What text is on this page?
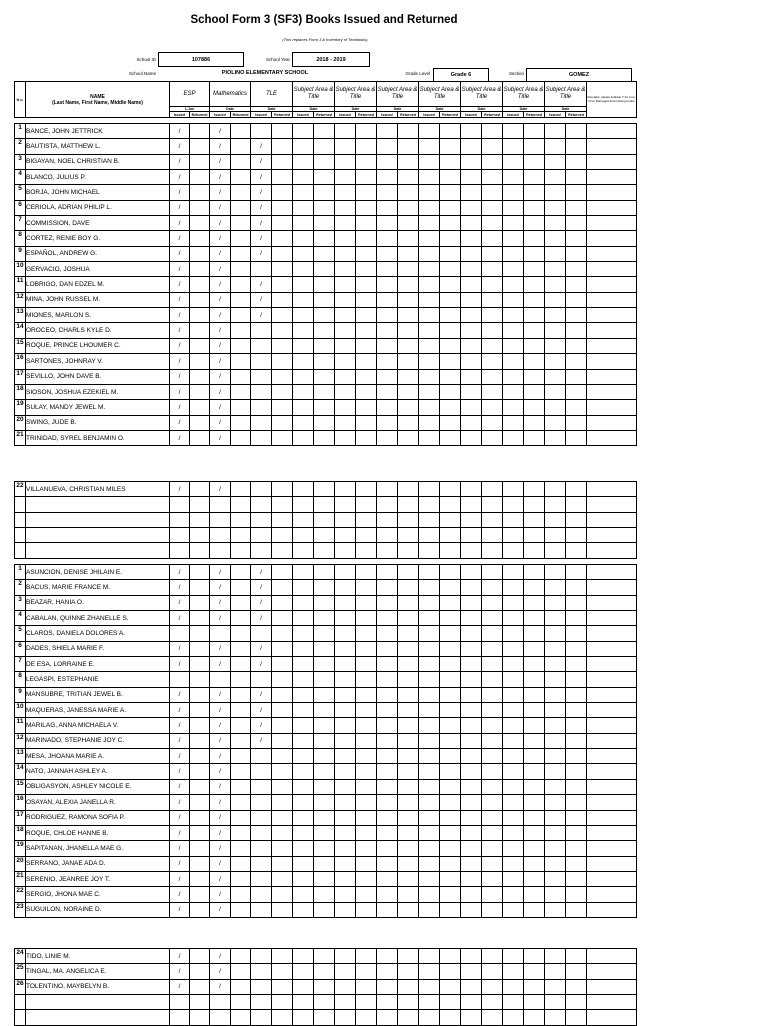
School Form 3 (SF3) Books Issued and Returned
(This replaces Form 3 & Inventory of Textbooks)
School ID	107886	School Year	2018 - 2019
School Name	PIOLINO ELEMENTARY SCHOOL	Grade Level	Grade 6	Section	GOMEZ
N o.	NAME
(Last Name, First Name, Middle Name)	ESP		Mathematics		TLE		Subject Area & Title		Subject Area & Title		Subject Area & Title		Subject Area & Title		Subject Area & Title		Subject Area & Title		Subject Area & Title		Remarks: please indicate T for Lost, D for Damaged and missing books
		1-Jun		Date		Date		Date		Date		Date		Date		Date		Date		Date		
		Issued	Returned	Issued	Returned	Issued	Returned	Issued	Returned	Issued	Returned	Issued	Returned	Issued	Returned	Issued	Returned	Issued	Returned	Issued	Returned	
1	BANCE, JOHN JETTRICK	/		/																		
2	BAUTISTA, MATTHEW L.	/		/		/																
3	BIGAYAN, NOEL CHRISTIAN B.	/		/		/																
4	BLANCO, JULIUS P.	/		/		/																
5	BORJA, JOHN MICHAEL	/		/		/																
6	CERIOLA, ADRIAN PHILIP L.	/		/		/																
7	COMMISSION, DAVE	/		/		/																
8	CORTEZ, RENIE BOY G.	/		/		/																
9	ESPAÑOL, ANDREW G.	/		/		/																
10	GERVACIO, JOSHUA	/		/																		
11	LOBRIGO, DAN EDZEL M.	/		/		/																
12	MINA, JOHN RUSSEL M.	/		/		/																
13	MIONES, MARLON S.	/		/		/																
14	OROCEO, CHARLS KYLE D.	/		/																		
15	ROQUE, PRINCE LHOUMER C.	/		/																		
16	SARTONES, JOHNRAY V.	/		/																		
17	SEVILLO, JOHN DAVE B.	/		/																		
18	SIOSON, JOSHUA EZEKIEL M.	/		/																		
19	SULAY, MANDY JEWEL M.	/		/																		
20	SWING, JUDE B.	/		/																		
21	TRINIDAD, SYREL BENJAMIN O.	/		/																		
22	VILLANUEVA, CHRISTIAN MILES	/		/																		

1	ASUNCION, DENISE JHILAIN E.	/		/		/																
2	BACUS, MARIE FRANCE M.	/		/		/																
3	BEAZAR, HANIA O.	/		/		/																
4	CABALAN, QUINNE ZHANELLE S.	/		/		/																
5	CLAROS, DANIELA DOLORES A.																					
6	DADES, SHIELA MARIE F.	/		/		/																
7	DE ESA, LORRAINE E.	/		/		/																
8	LEGASPI, ESTEPHANIE																					
9	MANSUBRE, TRITIAN JEWEL B.	/		/		/																
10	MAQUERAS, JANESSA MARIE A.	/		/		/																
11	MARILAG, ANNA MICHAELA V.	/		/		/																
12	MARINADO, STEPHANIE JOY C.	/		/		/																
13	MESA, JHOANA MARIE A.	/		/																		
14	NATO, JANNAH ASHLEY A.	/		/																		
15	OBLIGASYON, ASHLEY NICOLE E.	/		/																		
16	OSAYAN, ALEXIA JANELLA R.	/		/																		
17	RODRIGUEZ, RAMONA SOFIA P.	/		/																		
18	ROQUE, CHLOE HANNE B.	/		/																		
19	SAPITANAN, JHANELLA MAE G.	/		/																		
20	SERRANO, JANAE ADA D.	/		/																		
21	SERENIO, JEANREE JOY T.	/		/																		
22	SERGIO, JHONA MAE C.	/		/																		
23	SUGUILON, NORAINE D.	/		/																		
24	TIDO, LINIE M.	/		/																		
25	TINGAL, MA. ANGELICA E.	/		/																		
26	TOLENTINO, MAYBELYN B.	/		/																		
